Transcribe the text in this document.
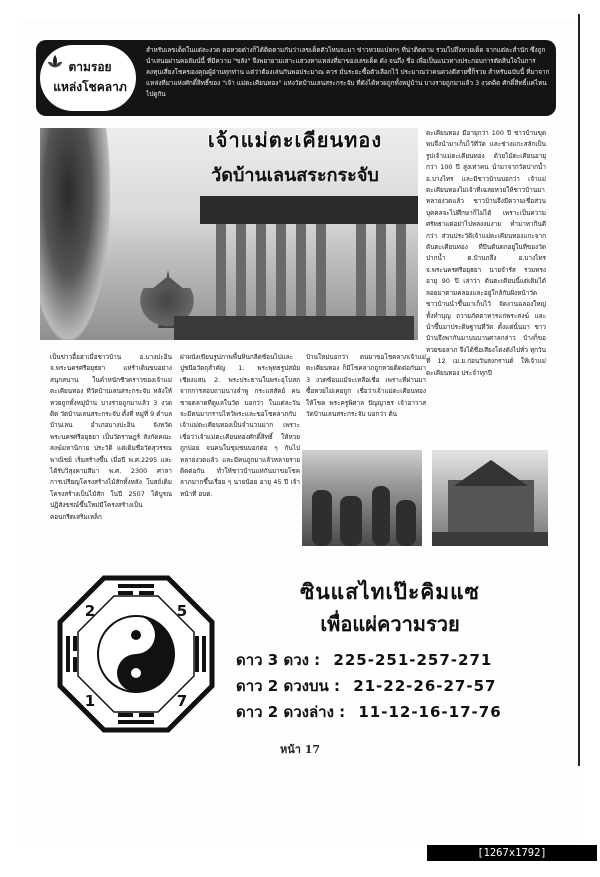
ตามรอย
แหล่งโชคลาภ
สำหรับเลขเด็ดในแต่ละงวด คอหวยต่างก็ได้ติดตามกันว่าเลขเด็ดตัวไหนจะมา ข่าวหวยแปลกๆ ที่น่าติดตาม รวมไปถึงหวยเด็ด จากแต่ละสำนัก ซึ่งถูกนำเสนอผ่านคอลัมน์นี้ ที่มีความ "ขลัง" จึงพยายามเสาะแสวงหาแหล่งที่มาของเลขเด็ด ดัง จนถึง ชื่อ เพื่อเป็นแนวทางประกอบการตัดสินใจในการลงทุนเสี่ยงโชคของคุณผู้อ่านทุกท่าน แต่ว่าต้องเล่นกันพอประมาณ ควร มั่นระยะซื้อตัวเลือกไว้ ประมาณว่าคนดวงดีสายซื้ก็รวย สำหรับฉบับนี้ ที่มาจากแหล่งที่มาแห่งศักดิ์สิทธิ์ของ "เจ้า แม่ตะเคียนทอง" แห่งวัดบ้านเลนสระกระจับ ที่ดังได้หวยถูกทั้งหมู่บ้าน บางรายถูกมาแล้ว 3 งวดติด ศักดิ์สิทธิ์แค่ไหนไปดูกัน
เจ้าแม่ตะเคียนทอง
วัดบ้านเลนสระกระจับ
ตะเคียนทอง มีอายุกว่า 100 ปี ชาวบ้านขุดพบจึงนำมาเก็บไว้ที่วัด และช่างแกะสลักเป็นรูปเจ้าแม่ตะเคียนทอง ด้วยไม้ตะเคียนอายุกว่า 100 ปี สูงเท่าคน นำมาจากวัดปากน้ำ อ.บางไทร และมีชาวบ้านบอกว่า เจ้าแม่ตะเคียนทองไม่เจ้าที่เฉลยหวยให้ชาวบ้านมาหลายงวดแล้ว ชาวบ้านจึงมีความเชื่อส่วนบุคคลจะไปศึกษาก็ไม่ได้ เพราะเป็นความศรัทธาแต่อย่าไปหลงงมงาย ทำมาหากินดีกว่า ส่วนประวัติเจ้าแม่ตะเคียนทองแกะจากต้นตะเคียนทอง ที่ปีนต้นตกอยู่ในที่ของวัดปากน้ำ ต.บ้านกลึง อ.บางไทร จ.พระนครศรีอยุธยา นายจำรัส รวมทรง อายุ 90 ปี เล่าว่า ต้นตะเคียนนี้แต่เดิมได้ลอยมาตามคลองและอยู่ใกล้กับฝั่งหน้าวัด ชาวบ้านนำขึ้นมาเก็บไว้ จัดงานฉลองใหญ่ ทั้งทำบุญ ถวายภัตตาหารแก่พระสงฆ์ และนำขึ้นมาประดิษฐานที่วัด ตั้งแต่นั้นมา ชาวบ้านจึงพากันมาบนบานศาลกล่าว บ้างก็ขอหวยขอลาภ จึงได้ชื่อเสียงโด่งดังไปทั่ว ทุกวันที่ 12 เม.ย.ก่อนวันสงกรานต์ ให้เจ้าแม่ตะเคียนทอง ประจำทุกปี
เป็นข่าวอื้อฮาเมื่อชาวบ้าน อ.บางปะอิน จ.พระนครศรีอยุธยา แห่ร้าเดินขบอย่างสนุกสนาน ในคำหนักชีวคราวของเจ้าแม่ตะเคียนทอง ที่วัดบ้านเลนสระกระจับ หลังให้หวยถูกทั้งหมู่บ้าน บางรายถูกมาแล้ว 3 งวดติด วัดบ้านเลนสระกระจับ ตั้งที่ หมู่ที่ 9 ตำบลบ้านเลน อำเภอบางปะอิน จังหวัดพระนครศรีอยุธยา เป็นวัดราษฎร์ สังกัดคณะสงฆ์มหานิกาย ประวัติ แต่เดิมชื่อวัดสุวรรณพาณิชย์ เริ่มสร้างขึ้น เมื่อปี พ.ศ.2295 และได้รับวิสุงคามสีมา พ.ศ. 2300 ศาลาการเปรียญโครงสร้างไม้สักทั้งหลัง โบสถ์เดิมโครงสร้างเป็นไม้สัก ในปี 2507 ได้บูรณปฏิสังขรณ์ขึ้นใหม่มีโครงสร้างเป็นคอนกรีตเสริมเหล็ก
ฝาผนังเขียนรูปภาพพื้นหินกลีดซ้อนไปและปูชนียวัตถุสำคัญ 1. พระพุทธรูปสมัยเชียงแสน 2. พระประธานในพระอุโบสถ จากการสอบถามนางลำพู กระแสสัตย์ คนชายตลาดที่ดูแลในวัด บอกว่า ในแต่ละวันจะมีคนมากราบไหว้พระและขอโชคลาภกับเจ้าแม่ตะเคียนทองเป็นจำนวนมาก เพราะเชื่อว่าเจ้าแม่ตะเคียนทองศักดิ์สิทธิ์ ให้หวยถูกบ่อย จนคนในชุมชนบอกต่อ ๆ กันไปหลายงวดแล้ว และมีคนถูกมาแล้วหลายรายติดต่อกัน ทำให้ชาวบ้านแห่กันมาขอโชคลาภมากขึ้นเรื่อย ๆ นายน้อย อายุ 45 ปี เจ้าหน้าที่ อบต.
บ้านใหม่บอกว่า ตนมาขอโชคลาภเจ้าแม่ตะเคียนทอง ก็มีโชคลาภถูกหวยติดต่อกันมา 3 งวดซ้อนแม้จะเหลือเชื่อ เพราะที่ผ่านมาซื้อหวยไม่เคยถูก เชื่อว่าเจ้าแม่ตะเคียนทองให้โชค พระครูพิศาล ปัญญาธร เจ้าอาวาสวัดบ้านเลนสระกระจับ บอกว่า ต้น
2	5
1	7
ซินแสไทเป๊ะคิมแซ
เพื่อแผ่ความรวย
ดาว 3 ดวง : 225-251-257-271
ดาว 2 ดวงบน : 21-22-26-27-57
ดาว 2 ดวงล่าง : 11-12-16-17-76
หน้า 17
[1267x1792] http://upic.me/
